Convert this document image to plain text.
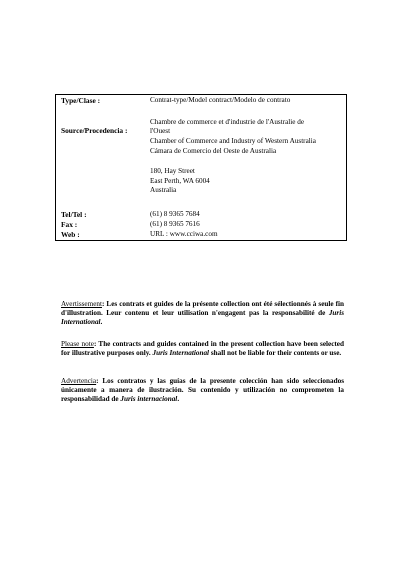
Type/Clase :	Contrat-type/Model contract/Modelo de contrato
Source/Procedencia :
Chambre de commerce et d'industrie de l'Australie de
l'Ouest
Chamber of Commerce and Industry of Western Australia
Cámara de Comercio del Oeste de Australia
180, Hay Street
East Perth, WA 6004
Australia
Tel/Tel :	(61) 8 9365 7684
Fax :	(61) 8 9365 7616
Web :	URL : www.cciwa.com
Avertissement: Les contrats et guides de la présente collection ont été sélectionnés à seule fin d'illustration. Leur contenu et leur utilisation n'engagent pas la responsabilité de Juris International.
Please note: The contracts and guides contained in the present collection have been selected for illustrative purposes only. Juris International shall not be liable for their contents or use.
Advertencia: Los contratos y las guías de la presente colección han sido seleccionados únicamente a manera de ilustración. Su contenido y utilización no comprometen la responsabilidad de Juris internacional.
